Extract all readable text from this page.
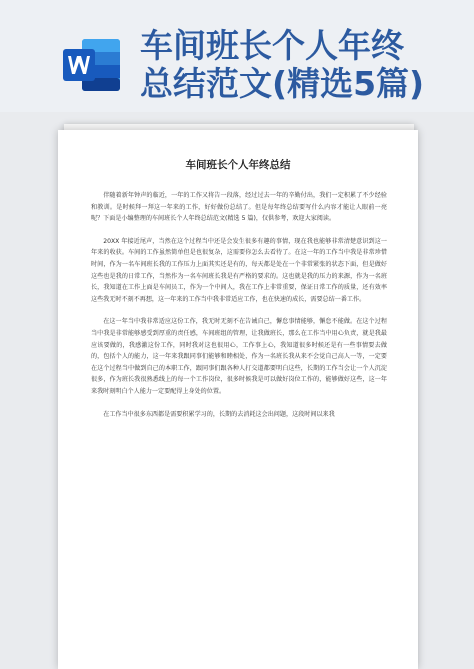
车间班长个人年终
总结范文(精选5篇)
车间班长个人年终总结

伴随着新年钟声的临近，一年的工作又将告一段落，经过过去一年的辛勤付出，我们一定积累了不少经验和教训。是时候拜一拜这一年来的工作，好好做份总结了。但是每年终总结要写什么内容才能让人眼前一亮呢？下面是小编整理的车间班长个人年终总结范文(精选 5 篇)，仅供参考，欢迎大家阅读。

20XX 年接近尾声，当然在这个过程当中还是会发生很多有趣的事情，现在我也能够非常清楚意识到这一年来的收获。车间的工作虽然简单但是也很复杂，这需要你怎么去看待了。在这一年的工作当中我是非常珍惜时间，作为一名车间班长我的工作压力上面其实还是有的，每天都是处在一个非常紧张的状态下面，但是做好这些也是我的日常工作，当然作为一名车间班长我是有严格的要求的。这也就是我的压力的来源，作为一名班长，我知道在工作上面是车间员工，作为一个中间人，我在工作上非常重要，保证日常工作的质量，还有效率这些我无时不刻不再想，这一年来的工作当中我非常适应工作，也在快速的成长，需要总结一番工作。

在这一年当中我非常适应这份工作，我无时无刻不在告诫自己，懈怠事情能够，懈怠不能做。在这个过程当中我是非常能够感受到厚重的责任感，车间班组的管理，让我做班长，那么在工作当中用心负责，就是我最应该要做的，我感激这份工作，同时我对这也很用心，工作事上心，我知道很多时候还是有一些事情要去做的，包括个人的能力，这一年来我跟同事们能够和睦相处，作为一名班长我从来不会觉自己高人一等，一定要在这个过程当中做到自己的本职工作，跟同事们跟各种人打交道都要明白这些，长期的工作当会让一个人沉淀很多，作为班长我很熟悉线上的每一个工作岗位，很多时候我是可以做好岗位工作的，能够做好这些，这一年来我时刻明白个人能力一定要配得上身处的位置。

在工作当中很多东西都是需要积累学习的，长期的去消耗这会出问题，这段时间以来我
